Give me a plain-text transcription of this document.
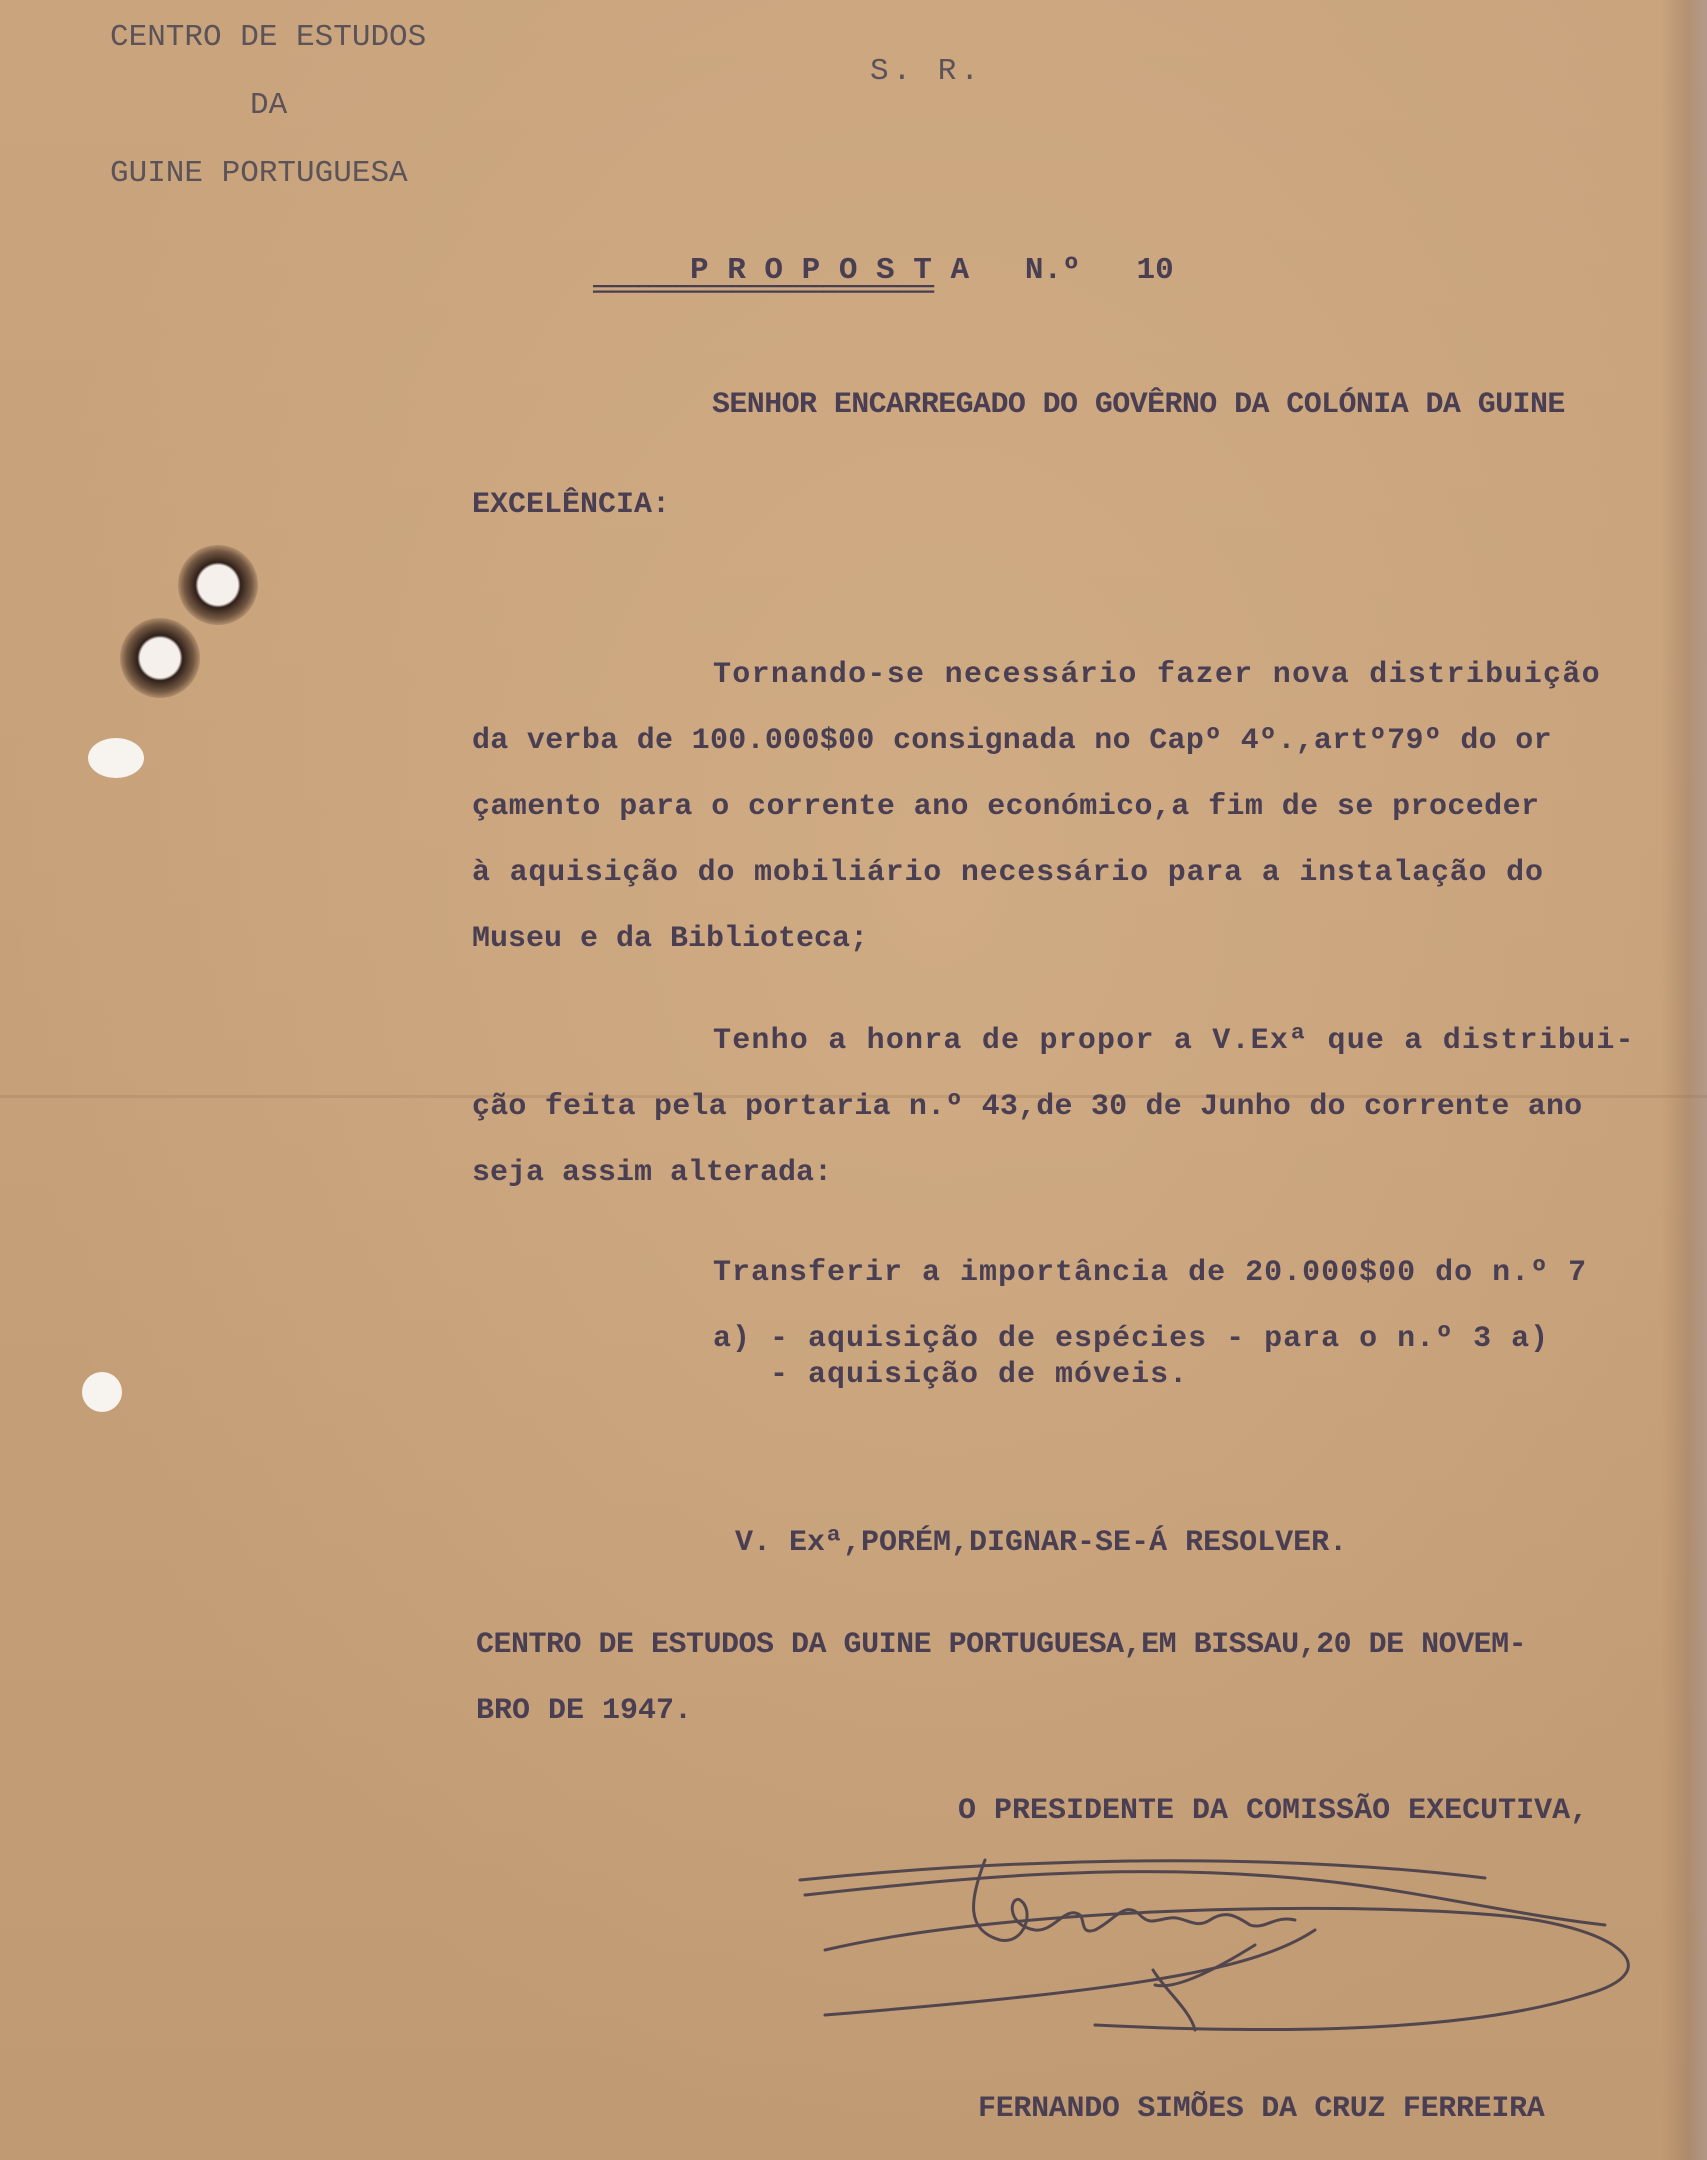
CENTRO DE ESTUDOS
DA
GUINE PORTUGUESA
S. R.
P R O P O S T A   N.º   10
=====================================
SENHOR ENCARREGADO DO GOVÊRNO DA COLÓNIA DA GUINE
EXCELÊNCIA:
Tornando-se necessário fazer nova distribuição
da verba de 100.000$00 consignada no Capº 4º.,artº79º do or
çamento para o corrente ano económico,a fim de se proceder
à aquisição do mobiliário necessário para a instalação do
Museu e da Biblioteca;
Tenho a honra de propor a V.Exª que a distribui-
ção feita pela portaria n.º 43,de 30 de Junho do corrente ano
seja assim alterada:
Transferir a importância de 20.000$00 do n.º 7
a) - aquisição de espécies - para o n.º 3 a)
- aquisição de móveis.
V. Exª,PORÉM,DIGNAR-SE-Á RESOLVER.
CENTRO DE ESTUDOS DA GUINE PORTUGUESA,EM BISSAU,20 DE NOVEM-
BRO DE 1947.
O PRESIDENTE DA COMISSÃO EXECUTIVA,
FERNANDO SIMÕES DA CRUZ FERREIRA
